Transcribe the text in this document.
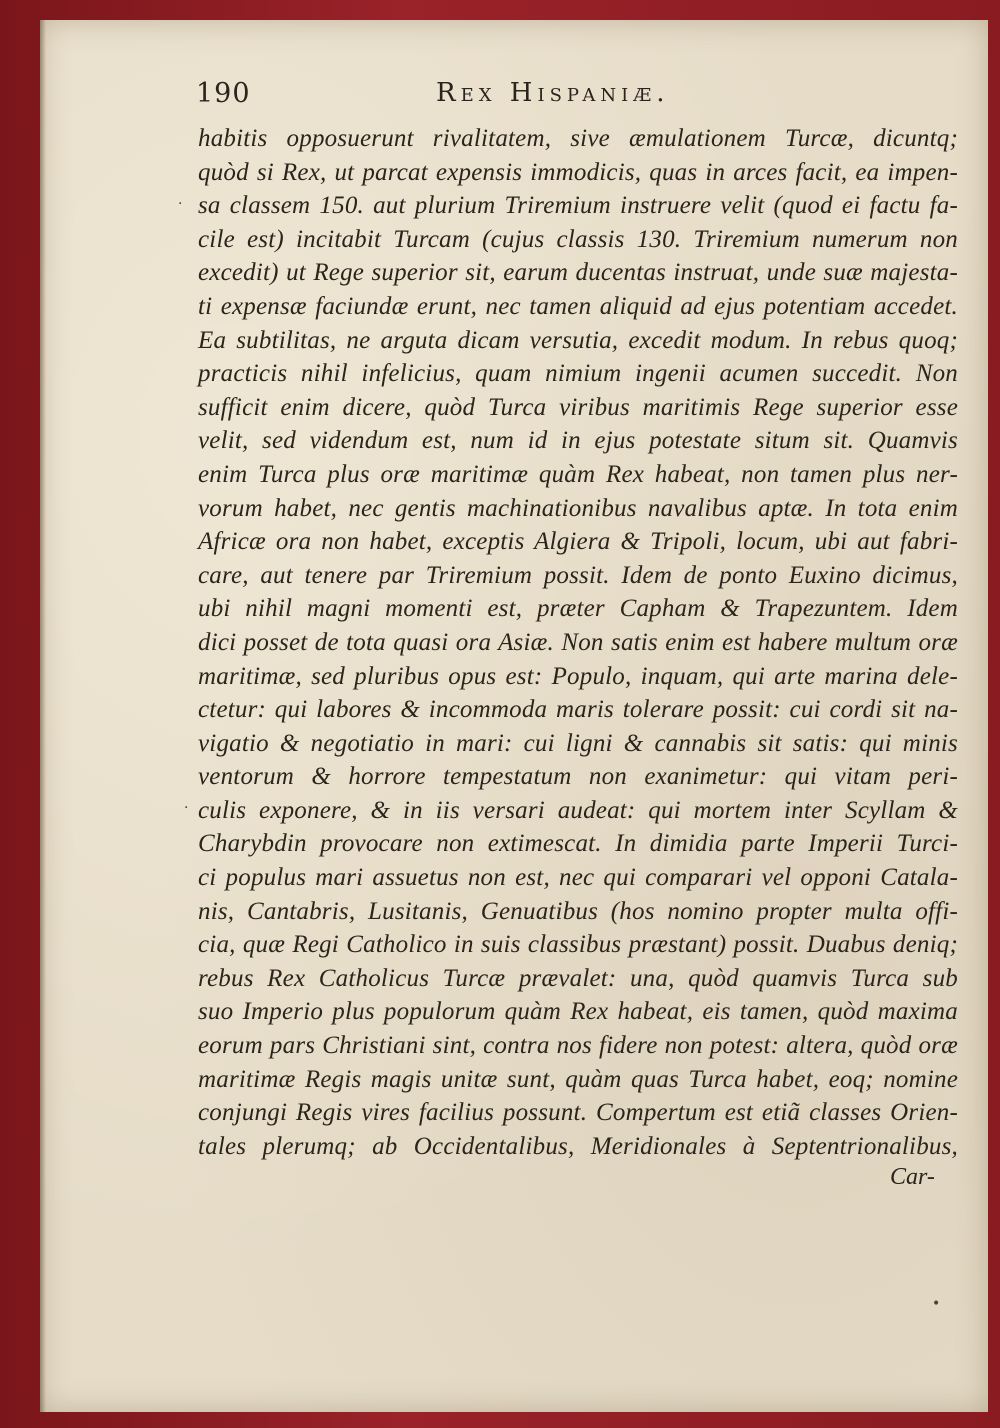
190	Rex Hispaniæ.
habitis opposuerunt rivalitatem, sive æmulationem Turcæ, dicuntq;
quòd si Rex, ut parcat expensis immodicis, quas in arces facit, ea impen-
sa classem 150. aut plurium Triremium instruere velit (quod ei factu fa-
cile est) incitabit Turcam (cujus classis 130. Triremium numerum non
excedit) ut Rege superior sit, earum ducentas instruat, unde suæ majesta-
ti expensæ faciundæ erunt, nec tamen aliquid ad ejus potentiam accedet.
Ea subtilitas, ne arguta dicam versutia, excedit modum. In rebus quoq;
practicis nihil infelicius, quam nimium ingenii acumen succedit. Non
sufficit enim dicere, quòd Turca viribus maritimis Rege superior esse
velit, sed videndum est, num id in ejus potestate situm sit. Quamvis
enim Turca plus oræ maritimæ quàm Rex habeat, non tamen plus ner-
vorum habet, nec gentis machinationibus navalibus aptæ. In tota enim
Africæ ora non habet, exceptis Algiera & Tripoli, locum, ubi aut fabri-
care, aut tenere par Triremium possit. Idem de ponto Euxino dicimus,
ubi nihil magni momenti est, præter Capham & Trapezuntem. Idem
dici posset de tota quasi ora Asiæ. Non satis enim est habere multum oræ
maritimæ, sed pluribus opus est: Populo, inquam, qui arte marina dele-
ctetur: qui labores & incommoda maris tolerare possit: cui cordi sit na-
vigatio & negotiatio in mari: cui ligni & cannabis sit satis: qui minis
ventorum & horrore tempestatum non exanimetur: qui vitam peri-
culis exponere, & in iis versari audeat: qui mortem inter Scyllam &
Charybdin provocare non extimescat. In dimidia parte Imperii Turci-
ci populus mari assuetus non est, nec qui comparari vel opponi Catala-
nis, Cantabris, Lusitanis, Genuatibus (hos nomino propter multa offi-
cia, quæ Regi Catholico in suis classibus præstant) possit. Duabus deniq;
rebus Rex Catholicus Turcæ prævalet: una, quòd quamvis Turca sub
suo Imperio plus populorum quàm Rex habeat, eis tamen, quòd maxima
eorum pars Christiani sint, contra nos fidere non potest: altera, quòd oræ
maritimæ Regis magis unitæ sunt, quàm quas Turca habet, eoq; nomine
conjungi Regis vires facilius possunt. Compertum est etiã classes Orien-
tales plerumq; ab Occidentalibus, Meridionales à Septentrionalibus,
Car-
·
·
•
